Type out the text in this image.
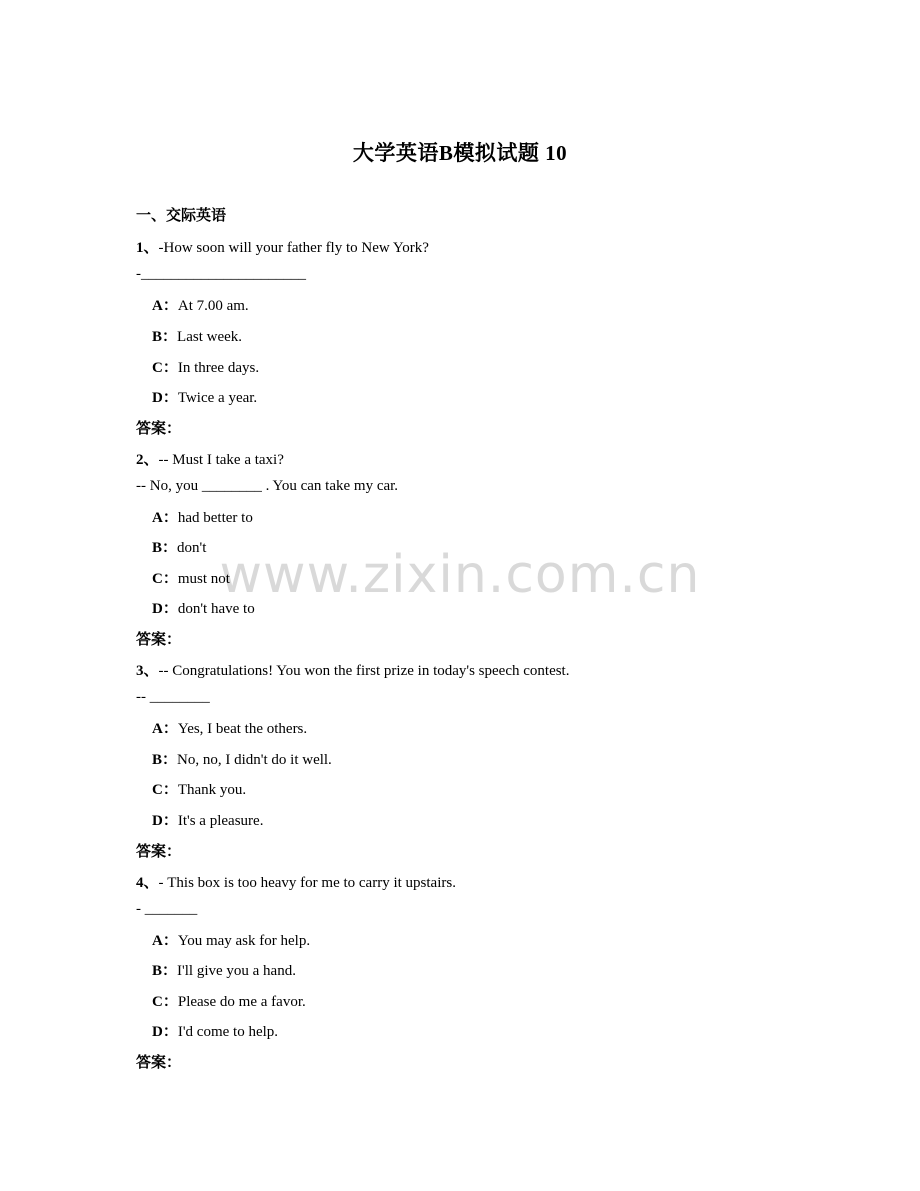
大学英语B模拟试题 10
一、交际英语
www.zixin.com.cn
1、-How soon will your father fly to New York?
-______________________
A：At 7.00 am.
B：Last week.
C：In three days.
D：Twice a year.
答案：
2、-- Must I take a taxi?
-- No, you ________ . You can take my car.
A：had better to
B：don't
C：must not
D：don't have to
答案：
3、-- Congratulations! You won the first prize in today's speech contest.
-- ________
A：Yes, I beat the others.
B：No, no, I didn't do it well.
C：Thank you.
D：It's a pleasure.
答案：
4、- This box is too heavy for me to carry it upstairs.
- _______
A：You may ask for help.
B：I'll give you a hand.
C：Please do me a favor.
D：I'd come to help.
答案：
